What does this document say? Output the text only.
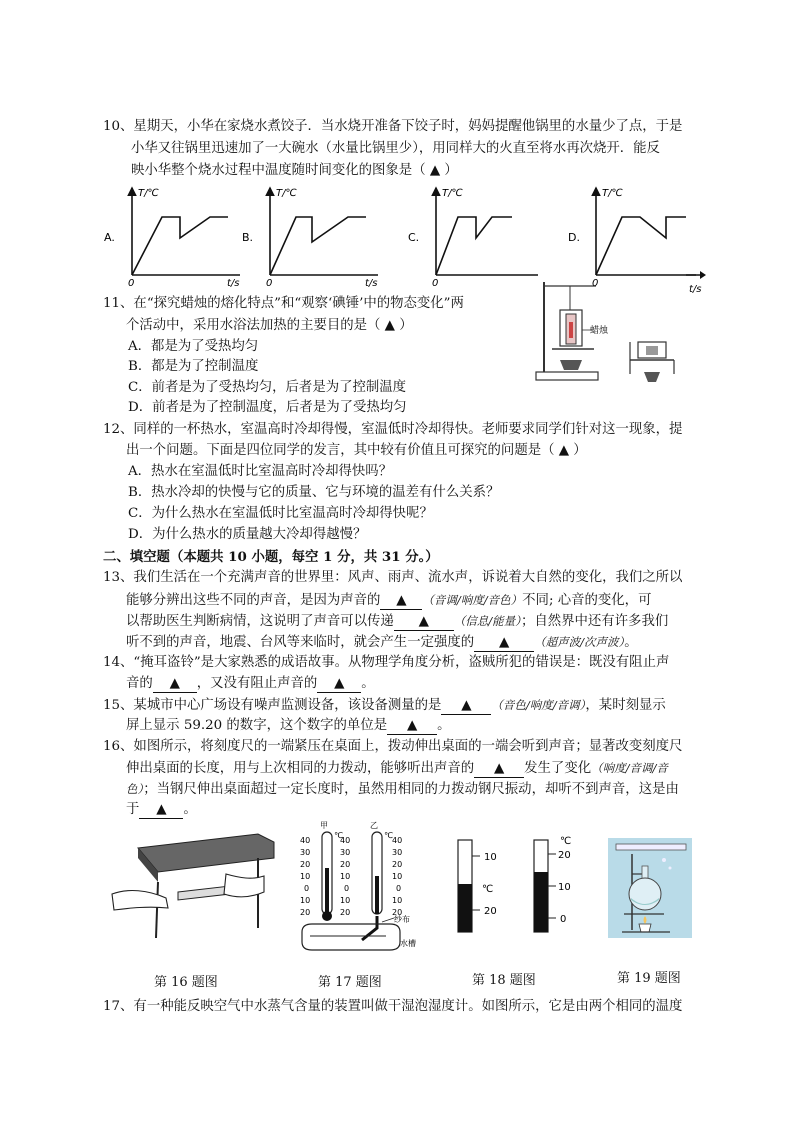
10、星期天，小华在家烧水煮饺子．当水烧开准备下饺子时，妈妈提醒他锅里的水量少了点，于是
小华又往锅里迅速加了一大碗水（水量比锅里少），用同样大的火直至将水再次烧开．能反
映小华整个烧水过程中温度随时间变化的图象是（ ▲ ）
A.
T/℃
0	t/s
B.
T/℃
0	t/s
C.
T/℃
0
D.
T/℃
0
t/s
11、在“探究蜡烛的熔化特点”和“观察‘碘锤’中的物态变化”两
个活动中，采用水浴法加热的主要目的是（ ▲ ）
A．都是为了受热均匀
B．都是为了控制温度
C．前者是为了受热均匀，后者是为了控制温度
D．前者是为了控制温度，后者是为了受热均匀
蜡烛
12、同样的一杯热水，室温高时冷却得慢，室温低时冷却得快。老师要求同学们针对这一现象，提
出一个问题。下面是四位同学的发言，其中较有价值且可探究的问题是（ ▲ ）
A．热水在室温低时比室温高时冷却得快吗？
B．热水冷却的快慢与它的质量、它与环境的温差有什么关系？
C．为什么热水在室温低时比室温高时冷却得快呢？
D．为什么热水的质量越大冷却得越慢？
二、填空题（本题共 10 小题，每空 1 分，共 31 分。）
13、我们生活在一个充满声音的世界里：风声、雨声、流水声，诉说着大自然的变化，我们之所以
能够分辨出这些不同的声音，是因为声音的 ▲ （音调/响度/音色）不同; 心音的变化，可
以帮助医生判断病情，这说明了声音可以传递 ▲ （信息/能量）；自然界中还有许多我们
听不到的声音，地震、台风等来临时，就会产生一定强度的 ▲ （超声波/次声波）。
14、“掩耳盗铃”是大家熟悉的成语故事。从物理学角度分析，盗贼所犯的错误是：既没有阻止声
音的 ▲ ，又没有阻止声音的 ▲ 。
15、某城市中心广场设有噪声监测设备，该设备测量的是 ▲ （音色/响度/音调），某时刻显示
屏上显示 59.20 的数字，这个数字的单位是 ▲ 。
16、如图所示，将刻度尺的一端紧压在桌面上，拨动伸出桌面的一端会听到声音；显著改变刻度尺
伸出桌面的长度，用与上次相同的力拨动，能够听出声音的 ▲ 发生了变化（响度/音调/音
色）；当钢尺伸出桌面超过一定长度时，虽然用相同的力拨动钢尺振动，却听不到声音，这是由
于 ▲ 。
甲	乙
℃	℃
40
30
20
10
0
10
20
40
30
20
10
0
10
20
40
30
20
10
0
10
20
纱布
水槽
10
℃
20
℃
20
10
0
第 16 题图	第 17 题图	第 18 题图	第 19 题图
17、有一种能反映空气中水蒸气含量的装置叫做干湿泡湿度计。如图所示，它是由两个相同的温度
